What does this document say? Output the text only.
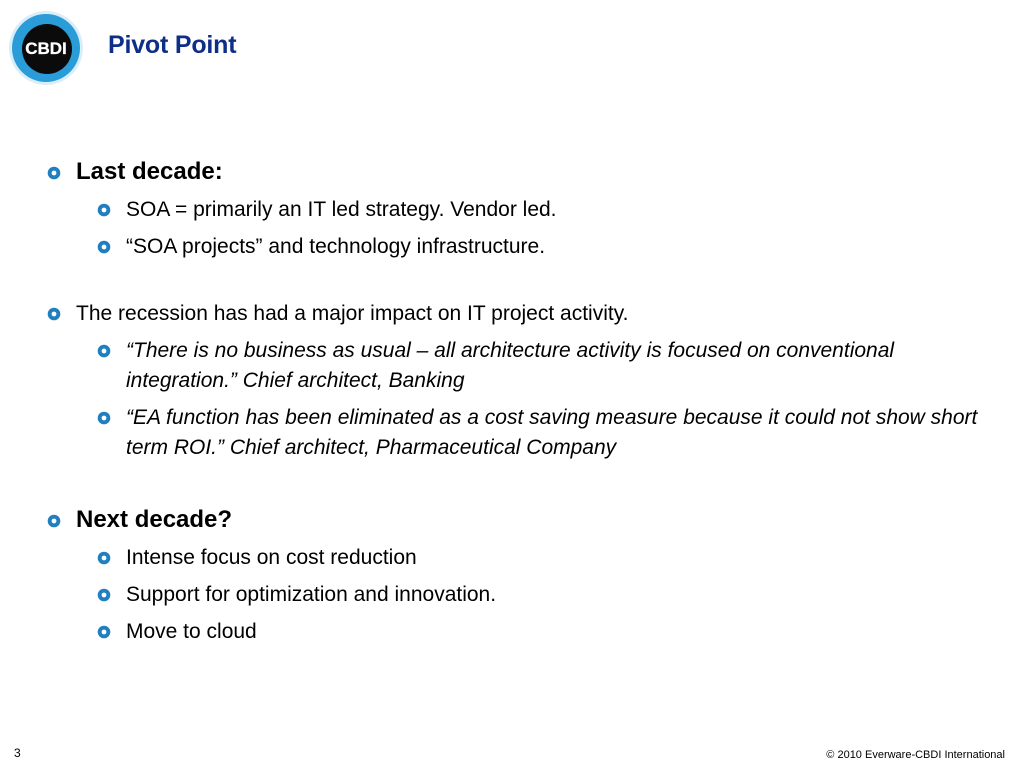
CBDI Pivot Point
Last decade:
SOA = primarily an IT led strategy. Vendor led.
“SOA projects” and technology infrastructure.
The recession has had a major impact on IT project activity.
“There is no business as usual – all architecture activity is focused on conventional integration.” Chief architect, Banking
“EA function has been eliminated as a cost saving measure because it could not show short term ROI.” Chief architect, Pharmaceutical Company
Next decade?
Intense focus on cost reduction
Support for optimization and innovation.
Move to cloud
3	© 2010 Everware-CBDI International
